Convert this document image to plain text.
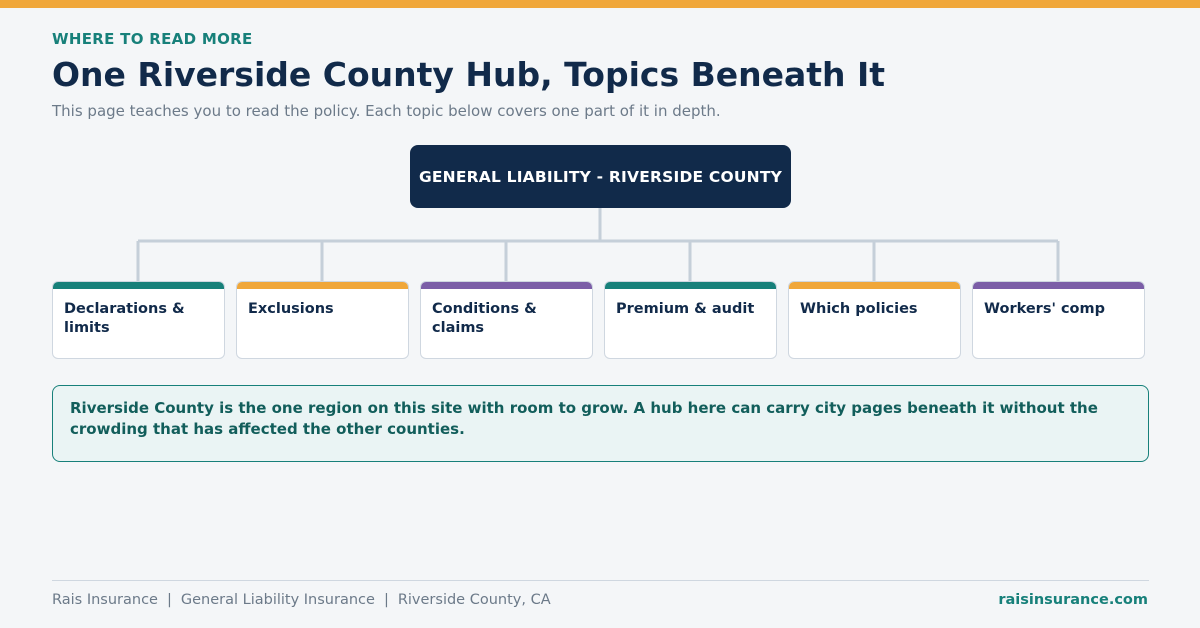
WHERE TO READ MORE
One Riverside County Hub, Topics Beneath It
This page teaches you to read the policy. Each topic below covers one part of it in depth.
GENERAL LIABILITY - RIVERSIDE COUNTY
Declarations & limits
Exclusions	Conditions & claims
Premium & audit	Which policies	Workers' comp

Riverside County is the one region on this site with room to grow. A hub here can carry city pages beneath it without the crowding that has affected the other counties.

Rais Insurance | General Liability Insurance | Riverside County, CA	raisinsurance.com
